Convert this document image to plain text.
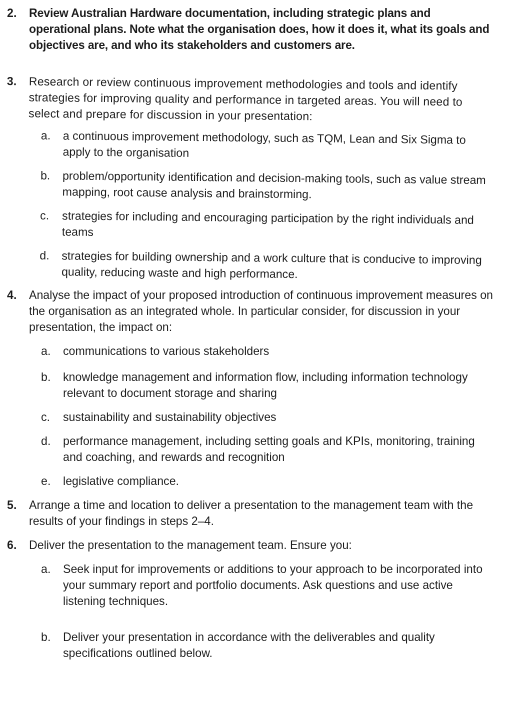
2.	Review Australian Hardware documentation, including strategic plans and operational plans. Note what the organisation does, how it does it, what its goals and objectives are, and who its stakeholders and customers are.
3.	Research or review continuous improvement methodologies and tools and identify strategies for improving quality and performance in targeted areas. You will need to select and prepare for discussion in your presentation:
a.	a continuous improvement methodology, such as TQM, Lean and Six Sigma to apply to the organisation
b.	problem/opportunity identification and decision-making tools, such as value stream mapping, root cause analysis and brainstorming.
c.	strategies for including and encouraging participation by the right individuals and teams
d.	strategies for building ownership and a work culture that is conducive to improving quality, reducing waste and high performance.
4.	Analyse the impact of your proposed introduction of continuous improvement measures on the organisation as an integrated whole. In particular consider, for discussion in your presentation, the impact on:
a.	communications to various stakeholders
b.	knowledge management and information flow, including information technology relevant to document storage and sharing
c.	sustainability and sustainability objectives
d.	performance management, including setting goals and KPIs, monitoring, training and coaching, and rewards and recognition
e.	legislative compliance.
5.	Arrange a time and location to deliver a presentation to the management team with the results of your findings in steps 2–4.
6.	Deliver the presentation to the management team. Ensure you:
a.	Seek input for improvements or additions to your approach to be incorporated into your summary report and portfolio documents. Ask questions and use active listening techniques.
b.	Deliver your presentation in accordance with the deliverables and quality specifications outlined below.
